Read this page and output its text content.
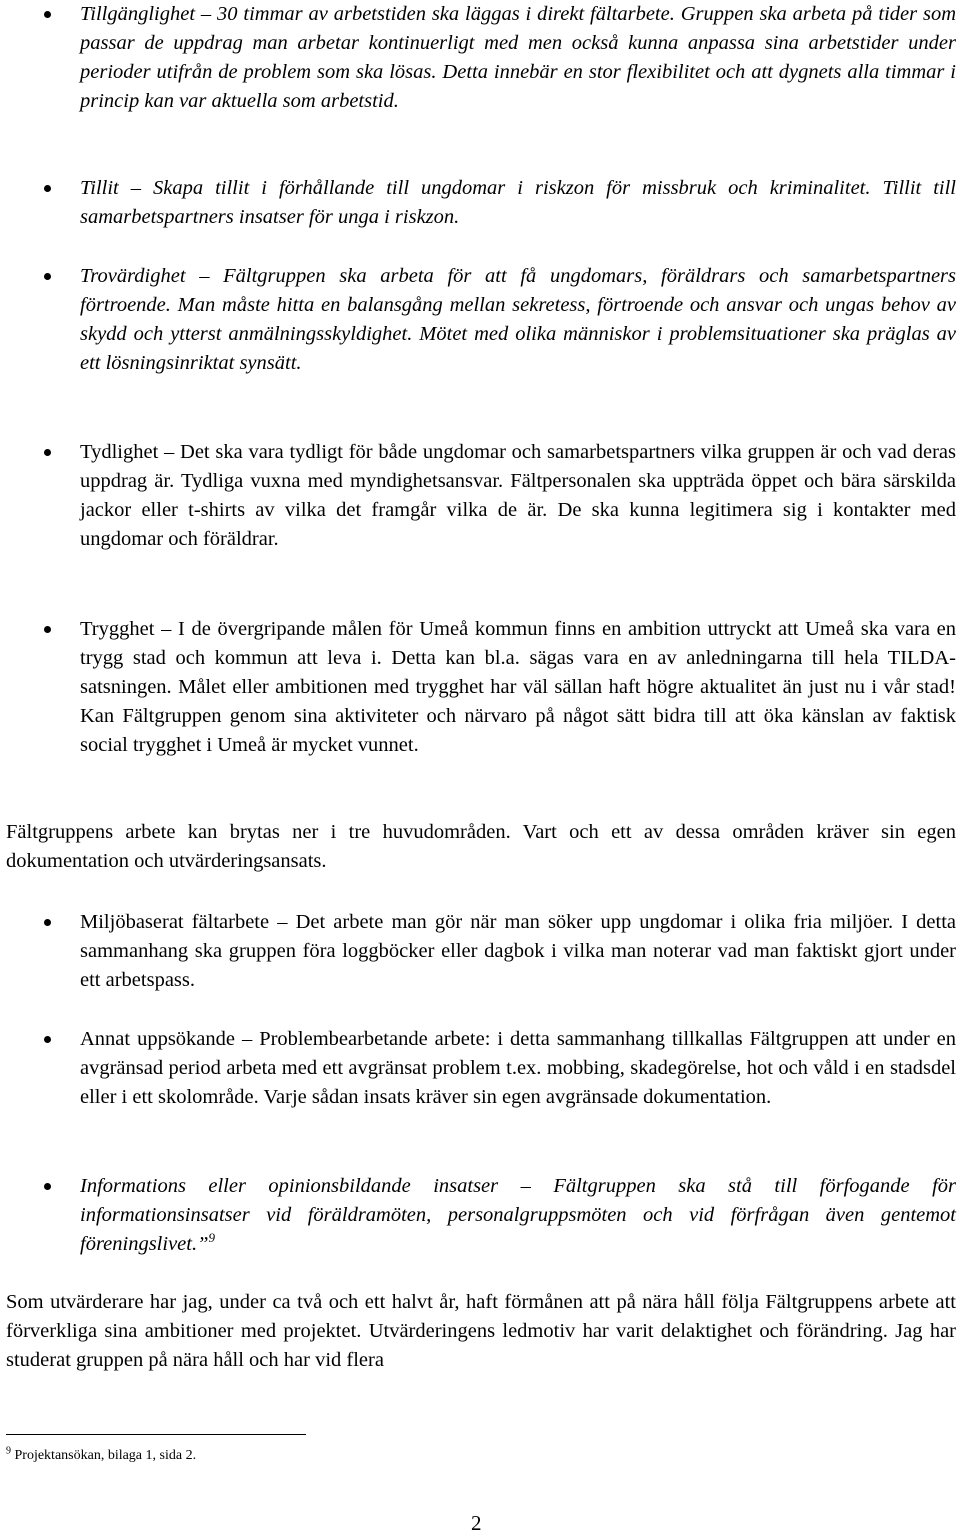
Tillgänglighet – 30 timmar av arbetstiden ska läggas i direkt fältarbete. Gruppen ska arbeta på tider som passar de uppdrag man arbetar kontinuerligt med men också kunna anpassa sina arbetstider under perioder utifrån de problem som ska lösas. Detta innebär en stor flexibilitet och att dygnets alla timmar i princip kan var aktuella som arbetstid.
Tillit – Skapa tillit i förhållande till ungdomar i riskzon för missbruk och kriminalitet. Tillit till samarbetspartners insatser för unga i riskzon.
Trovärdighet – Fältgruppen ska arbeta för att få ungdomars, föräldrars och samarbetspartners förtroende. Man måste hitta en balansgång mellan sekretess, förtroende och ansvar och ungas behov av skydd och ytterst anmälningsskyldighet. Mötet med olika människor i problemsituationer ska präglas av ett lösningsinriktat synsätt.
Tydlighet – Det ska vara tydligt för både ungdomar och samarbetspartners vilka gruppen är och vad deras uppdrag är. Tydliga vuxna med myndighetsansvar. Fältpersonalen ska uppträda öppet och bära särskilda jackor eller t-shirts av vilka det framgår vilka de är. De ska kunna legitimera sig i kontakter med ungdomar och föräldrar.
Trygghet – I de övergripande målen för Umeå kommun finns en ambition uttryckt att Umeå ska vara en trygg stad och kommun att leva i. Detta kan bl.a. sägas vara en av anledningarna till hela TILDA-satsningen. Målet eller ambitionen med trygghet har väl sällan haft högre aktualitet än just nu i vår stad! Kan Fältgruppen genom sina aktiviteter och närvaro på något sätt bidra till att öka känslan av faktisk social trygghet i Umeå är mycket vunnet.

Fältgruppens arbete kan brytas ner i tre huvudområden. Vart och ett av dessa områden kräver sin egen dokumentation och utvärderingsansats.

Miljöbaserat fältarbete – Det arbete man gör när man söker upp ungdomar i olika fria miljöer. I detta sammanhang ska gruppen föra loggböcker eller dagbok i vilka man noterar vad man faktiskt gjort under ett arbetspass.
Annat uppsökande – Problembearbetande arbete: i detta sammanhang tillkallas Fältgruppen att under en avgränsad period arbeta med ett avgränsat problem t.ex. mobbing, skadegörelse, hot och våld i en stadsdel eller i ett skolområde. Varje sådan insats kräver sin egen avgränsade dokumentation.
Informations eller opinionsbildande insatser – Fältgruppen ska stå till förfogande för informationsinsatser vid föräldramöten, personalgruppsmöten och vid förfrågan även gentemot föreningslivet.”$^9$

Som utvärderare har jag, under ca två och ett halvt år, haft förmånen att på nära håll följa Fältgruppens arbete att förverkliga sina ambitioner med projektet. Utvärderingens ledmotiv har varit delaktighet och förändring. Jag har studerat gruppen på nära håll och har vid flera

$^9$ Projektansökan, bilaga 1, sida 2.
2
